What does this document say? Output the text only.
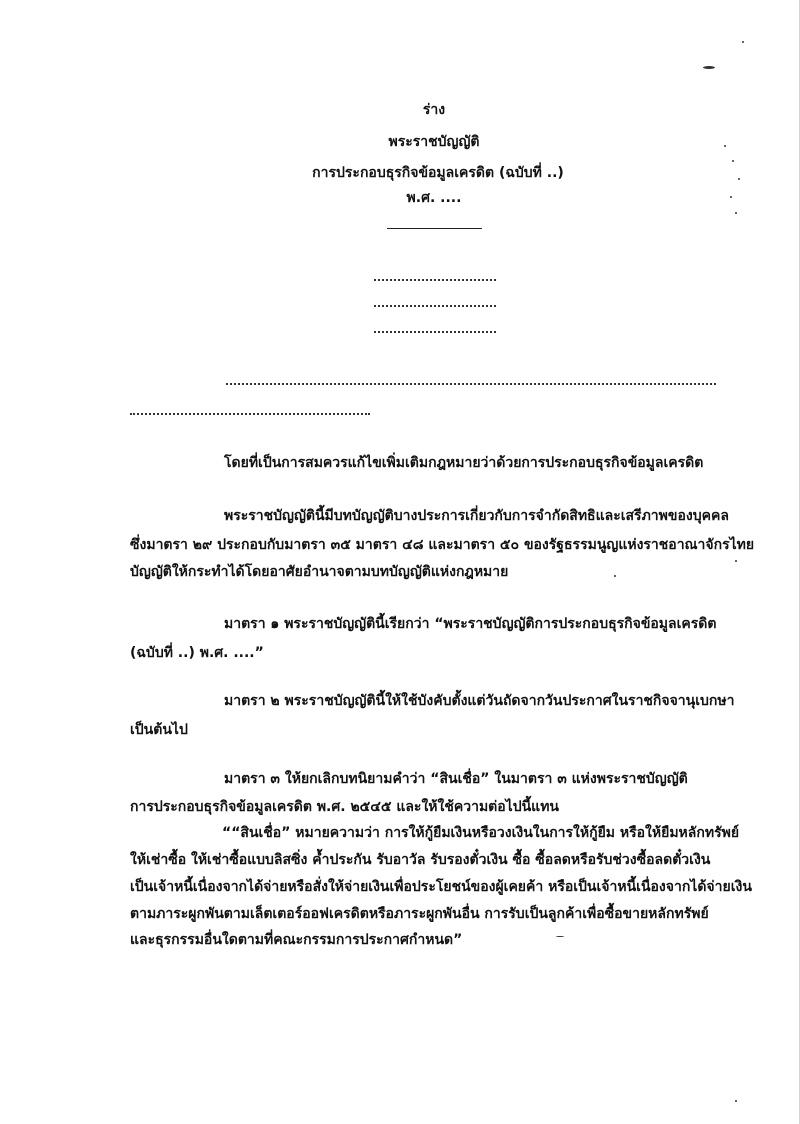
ร่าง
พระราชบัญญัติ
การประกอบธุรกิจข้อมูลเครดิต (ฉบับที่ ..)
พ.ศ. ....
โดยที่เป็นการสมควรแก้ไขเพิ่มเติมกฎหมายว่าด้วยการประกอบธุรกิจข้อมูลเครดิต
พระราชบัญญัตินี้มีบทบัญญัติบางประการเกี่ยวกับการจำกัดสิทธิและเสรีภาพของบุคคล
ซึ่งมาตรา ๒๙ ประกอบกับมาตรา ๓๕ มาตรา ๔๘ และมาตรา ๕๐ ของรัฐธรรมนูญแห่งราชอาณาจักรไทย
บัญญัติให้กระทำได้โดยอาศัยอำนาจตามบทบัญญัติแห่งกฎหมาย
มาตรา ๑ พระราชบัญญัตินี้เรียกว่า “พระราชบัญญัติการประกอบธุรกิจข้อมูลเครดิต
(ฉบับที่ ..) พ.ศ. ....”
มาตรา ๒ พระราชบัญญัตินี้ให้ใช้บังคับตั้งแต่วันถัดจากวันประกาศในราชกิจจานุเบกษา
เป็นต้นไป
มาตรา ๓ ให้ยกเลิกบทนิยามคำว่า “สินเชื่อ” ในมาตรา ๓ แห่งพระราชบัญญัติ
การประกอบธุรกิจข้อมูลเครดิต พ.ศ. ๒๕๔๕ และให้ใช้ความต่อไปนี้แทน
““สินเชื่อ” หมายความว่า การให้กู้ยืมเงินหรือวงเงินในการให้กู้ยืม หรือให้ยืมหลักทรัพย์
ให้เช่าซื้อ ให้เช่าซื้อแบบลิสซิ่ง ค้ำประกัน รับอาวัล รับรองตั๋วเงิน ซื้อ ซื้อลดหรือรับช่วงซื้อลดตั๋วเงิน
เป็นเจ้าหนี้เนื่องจากได้จ่ายหรือสั่งให้จ่ายเงินเพื่อประโยชน์ของผู้เคยค้า หรือเป็นเจ้าหนี้เนื่องจากได้จ่ายเงิน
ตามภาระผูกพันตามเล็ตเตอร์ออฟเครดิตหรือภาระผูกพันอื่น การรับเป็นลูกค้าเพื่อซื้อขายหลักทรัพย์
และธุรกรรมอื่นใดตามที่คณะกรรมการประกาศกำหนด”
